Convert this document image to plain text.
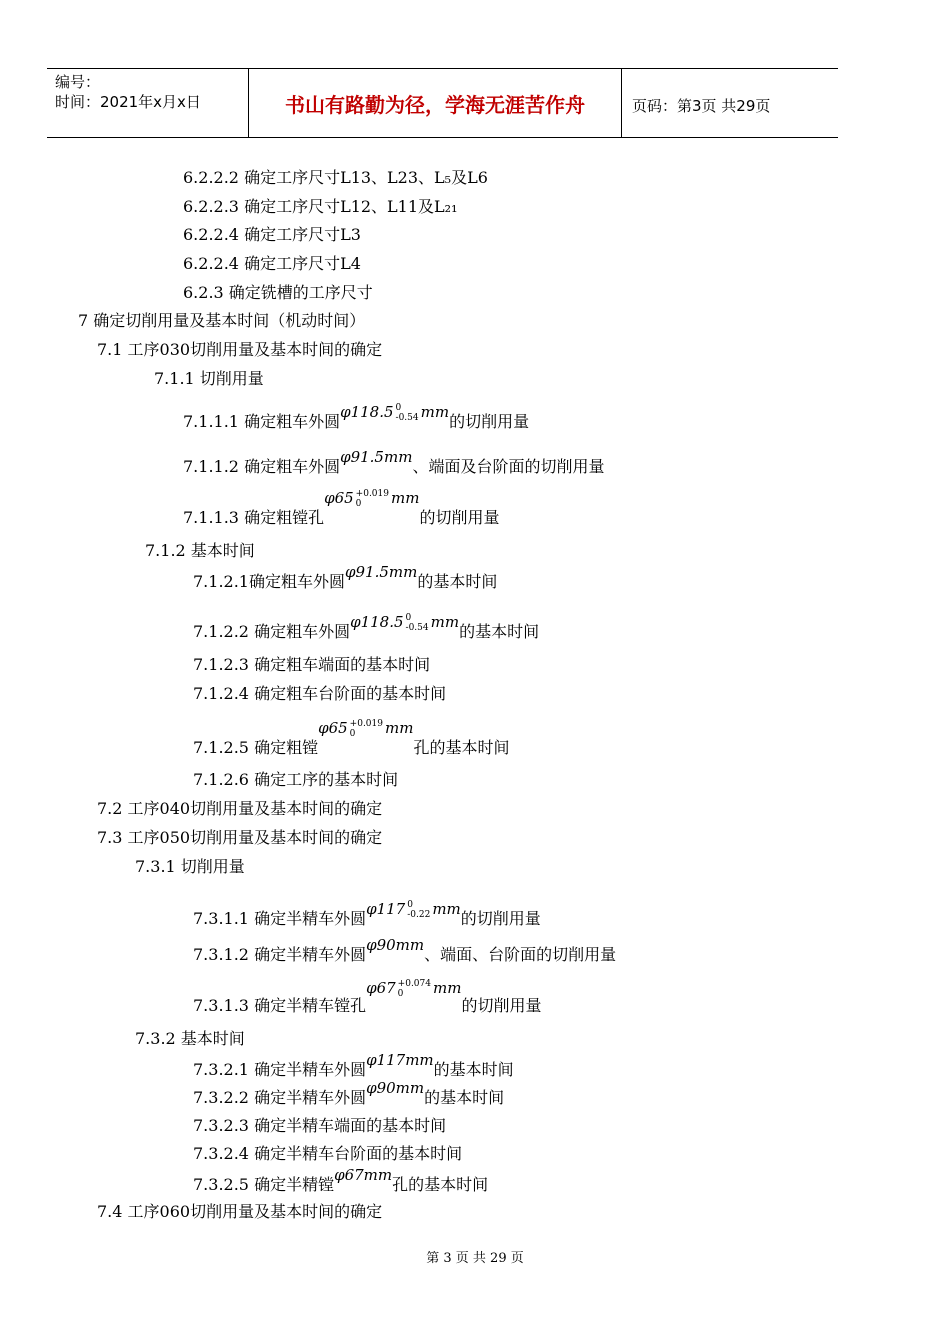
编号：
时间：2021年x月x日	书山有路勤为径，学海无涯苦作舟	页码：第3页 共29页
6.2.2.2 确定工序尺寸L13、L23、L₅及L6
6.2.2.3 确定工序尺寸L12、L11及L₂₁
6.2.2.4 确定工序尺寸L3
6.2.2.4 确定工序尺寸L4
6.2.3 确定铣槽的工序尺寸
7 确定切削用量及基本时间（机动时间）
7.1 工序030切削用量及基本时间的确定
7.1.1 切削用量
7.1.1.1 确定粗车外圆φ118.5 0
-0.54 mm的切削用量
7.1.1.2 确定粗车外圆φ91.5mm、端面及台阶面的切削用量
7.1.1.3 确定粗镗孔φ65 +0.019
0	mm的切削用量
7.1.2 基本时间
7.1.2.1确定粗车外圆φ91.5mm的基本时间
7.1.2.2 确定粗车外圆φ118.5 0
-0.54 mm的基本时间
7.1.2.3 确定粗车端面的基本时间
7.1.2.4 确定粗车台阶面的基本时间
7.1.2.5 确定粗镗φ65 +0.019
0	mm孔的基本时间
7.1.2.6 确定工序的基本时间
7.2 工序040切削用量及基本时间的确定
7.3 工序050切削用量及基本时间的确定
7.3.1 切削用量
7.3.1.1 确定半精车外圆φ117 0
-0.22 mm的切削用量
7.3.1.2 确定半精车外圆φ90mm、端面、台阶面的切削用量
7.3.1.3 确定半精车镗孔φ67 +0.074
0	mm的切削用量
7.3.2 基本时间
7.3.2.1 确定半精车外圆φ117mm的基本时间
7.3.2.2 确定半精车外圆φ90mm的基本时间
7.3.2.3 确定半精车端面的基本时间
7.3.2.4 确定半精车台阶面的基本时间
7.3.2.5 确定半精镗φ67mm孔的基本时间
7.4 工序060切削用量及基本时间的确定
第 3 页 共 29 页
